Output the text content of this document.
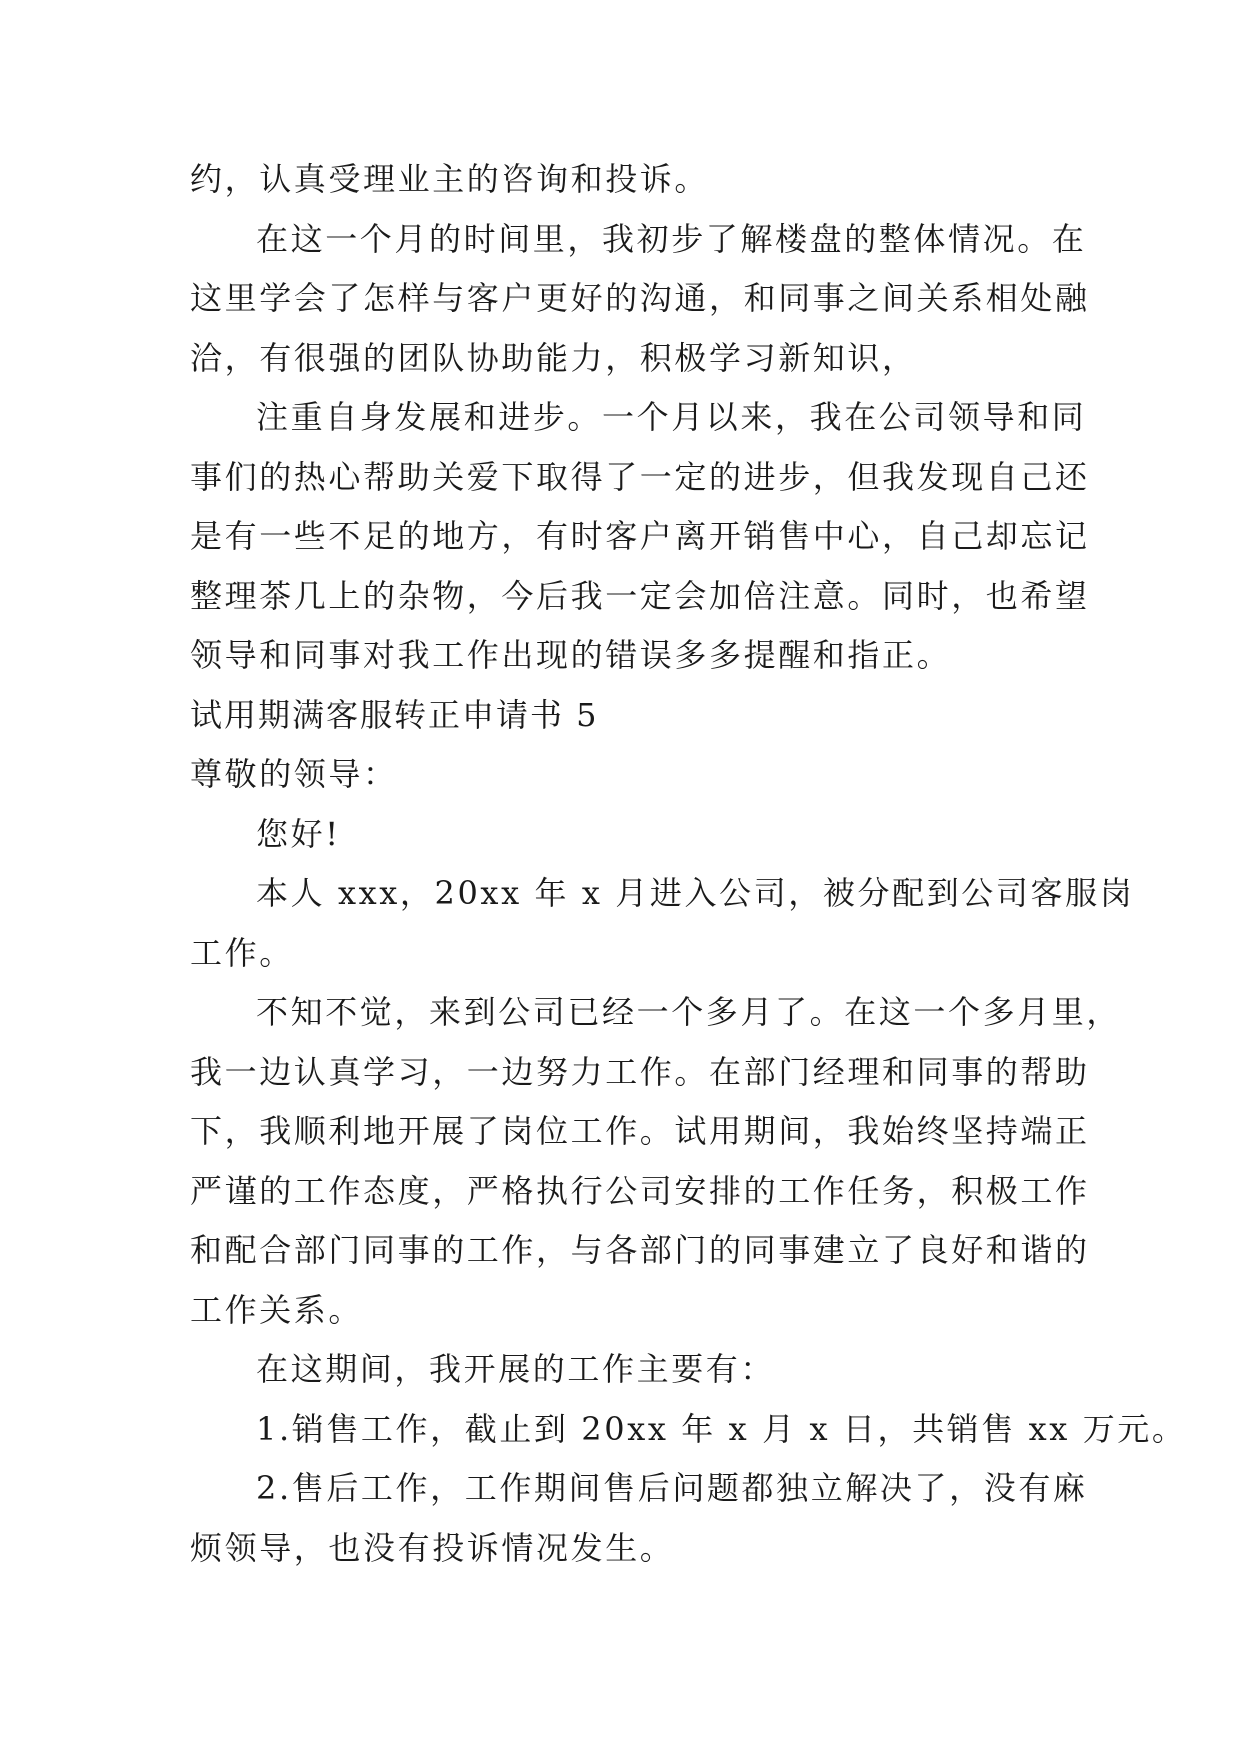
约，认真受理业主的咨询和投诉。
在这一个月的时间里，我初步了解楼盘的整体情况。在
这里学会了怎样与客户更好的沟通，和同事之间关系相处融
洽，有很强的团队协助能力，积极学习新知识，
注重自身发展和进步。一个月以来，我在公司领导和同
事们的热心帮助关爱下取得了一定的进步，但我发现自己还
是有一些不足的地方，有时客户离开销售中心，自己却忘记
整理茶几上的杂物，今后我一定会加倍注意。同时，也希望
领导和同事对我工作出现的错误多多提醒和指正。
试用期满客服转正申请书 5
尊敬的领导：
您好!
本人 xxx，20xx 年 x 月进入公司，被分配到公司客服岗
工作。
不知不觉，来到公司已经一个多月了。在这一个多月里，
我一边认真学习，一边努力工作。在部门经理和同事的帮助
下，我顺利地开展了岗位工作。试用期间，我始终坚持端正
严谨的工作态度，严格执行公司安排的工作任务，积极工作
和配合部门同事的工作，与各部门的同事建立了良好和谐的
工作关系。
在这期间，我开展的工作主要有：
1.销售工作，截止到 20xx 年 x 月 x 日，共销售 xx 万元。
2.售后工作，工作期间售后问题都独立解决了，没有麻
烦领导，也没有投诉情况发生。
